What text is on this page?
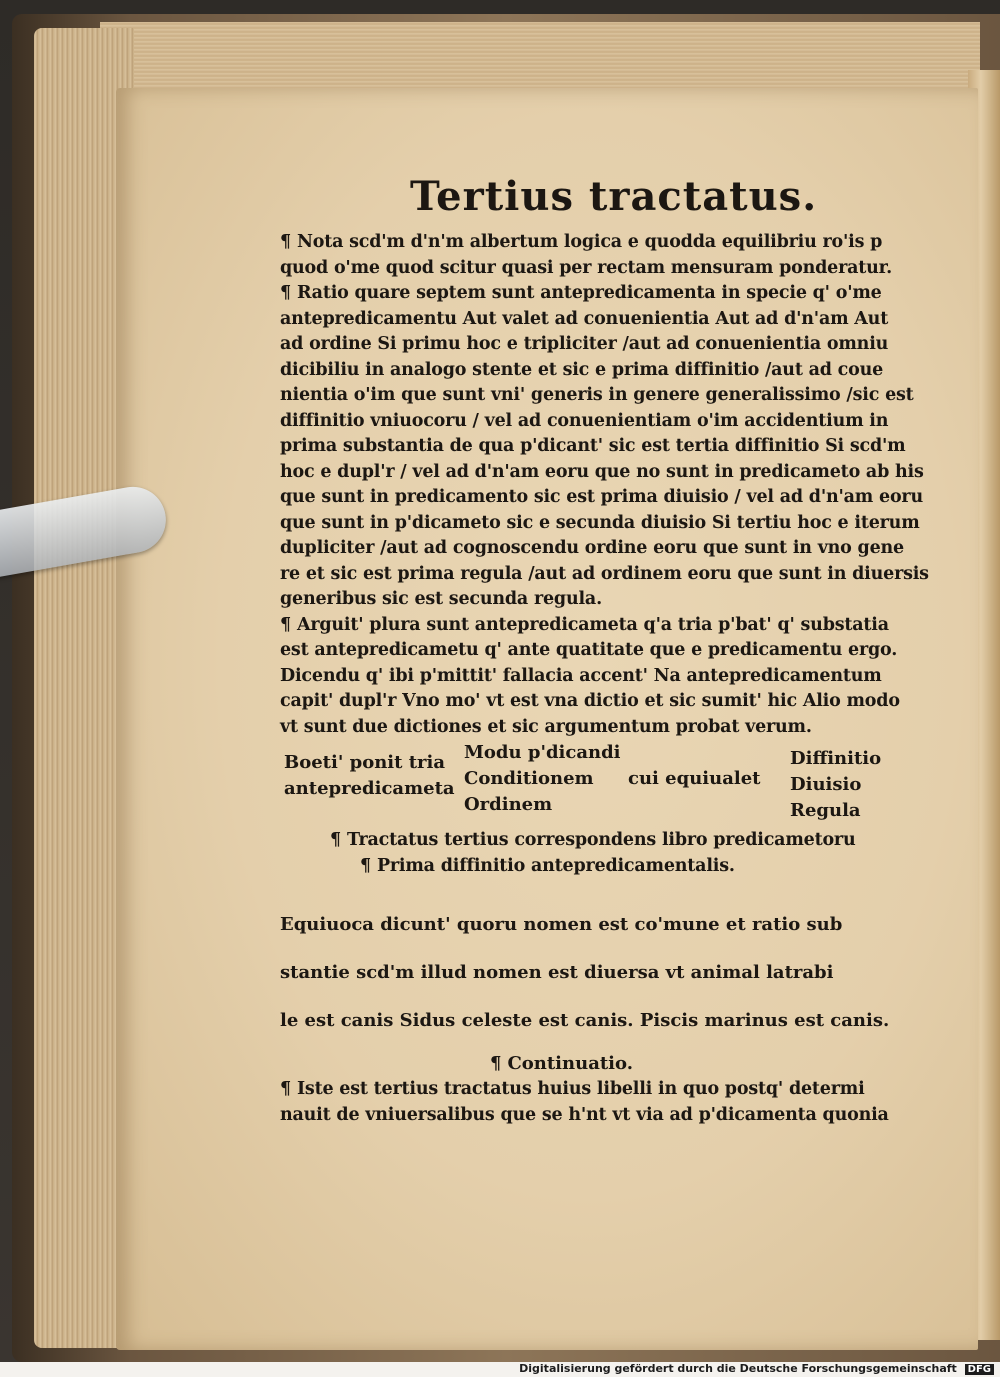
Tertius tractatus.

¶ Nota scd'm d'n'm albertum logica e quodda equilibriu ro'is p
quod o'me quod scitur quasi per rectam mensuram ponderatur.

¶ Ratio quare septem sunt antepredicamenta in specie q' o'me
antepredicamentu Aut valet ad conuenientia Aut ad d'n'am Aut
ad ordine Si primu hoc e tripliciter /aut ad conuenientia omniu
dicibiliu in analogo stente et sic e prima diffinitio /aut ad coue
nientia o'im que sunt vni' generis in genere generalissimo /sic est
diffinitio vniuocoru / vel ad conuenientiam o'im accidentium in
prima substantia de qua p'dicant' sic est tertia diffinitio Si scd'm
hoc e dupl'r / vel ad d'n'am eoru que no sunt in predicameto ab his
que sunt in predicamento sic est prima diuisio / vel ad d'n'am eoru
que sunt in p'dicameto sic e secunda diuisio Si tertiu hoc e iterum
dupliciter /aut ad cognoscendu ordine eoru que sunt in vno gene
re et sic est prima regula /aut ad ordinem eoru que sunt in diuersis
generibus sic est secunda regula.

¶ Arguit' plura sunt antepredicameta q'a tria p'bat' q' substatia
est antepredicametu q' ante quatitate que e predicamentu ergo.
Dicendu q' ibi p'mittit' fallacia accent' Na antepredicamentum
capit' dupl'r Vno mo' vt est vna dictio et sic sumit' hic Alio modo
vt sunt due dictiones et sic argumentum probat verum.

Boeti' ponit tria
antepredicameta
Modu p'dicandi
Conditionem
Ordinem
cui equiualet
Diffinitio
Diuisio
Regula

¶ Tractatus tertius correspondens libro predicametoru

¶ Prima diffinitio antepredicamentalis.

Equiuoca dicunt' quoru nomen est co'mune et ratio sub
stantie scd'm illud nomen est diuersa vt animal latrabi
le est canis Sidus celeste est canis. Piscis marinus est canis.
¶ Continuatio.

¶ Iste est tertius tractatus huius libelli in quo postq' determi
nauit de vniuersalibus que se h'nt vt via ad p'dicamenta quonia

Digitalisierung gefördert durch die Deutsche Forschungsgemeinschaft DFG
